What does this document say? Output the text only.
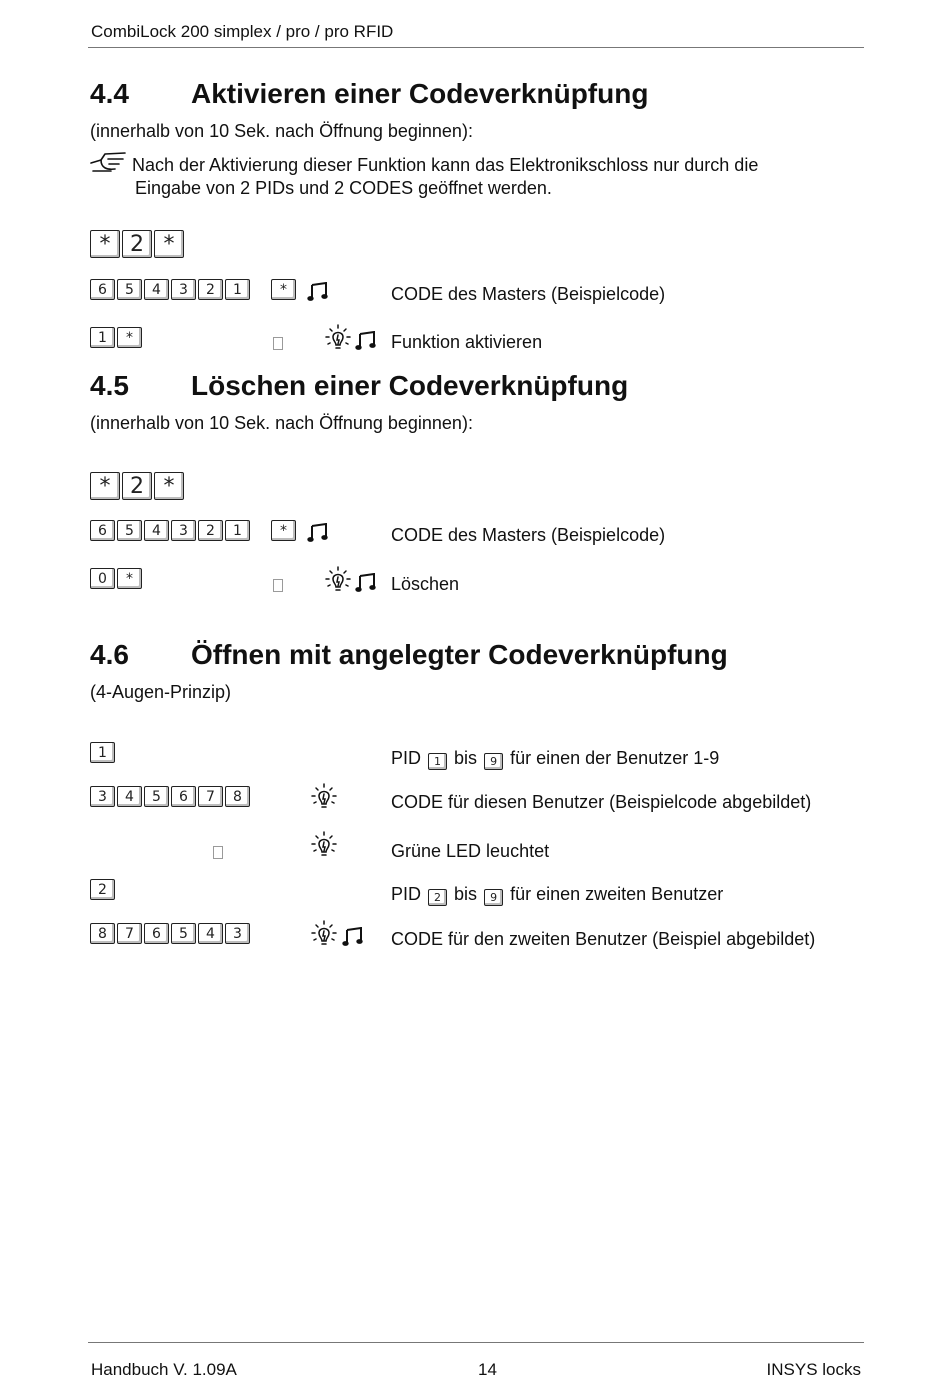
CombiLock 200 simplex / pro / pro RFID
4.4 Aktivieren einer Codeverknüpfung
(innerhalb von 10 Sek. nach Öffnung beginnen):
Nach der Aktivierung dieser Funktion kann das Elektronikschloss nur durch die
Eingabe von 2 PIDs und 2 CODES geöffnet werden.
* 2 *
6	5	4	3	2	1	*	CODE des Masters (Beispielcode)
1	*	Funktion aktivieren
4.5 Löschen einer Codeverknüpfung
(innerhalb von 10 Sek. nach Öffnung beginnen):
* 2 *
6	5	4	3	2	1	*	CODE des Masters (Beispielcode)
0	*	Löschen
4.6 Öffnen mit angelegter Codeverknüpfung
(4-Augen-Prinzip)
1	PID 1 bis 9 für einen der Benutzer 1-9
3	4	5	6	7	8	CODE für diesen Benutzer (Beispielcode abgebildet)
Grüne LED leuchtet
2	PID 2 bis 9 für einen zweiten Benutzer
8	7	6	5	4	3	CODE für den zweiten Benutzer (Beispiel abgebildet)
Handbuch V. 1.09A	14	INSYS locks
